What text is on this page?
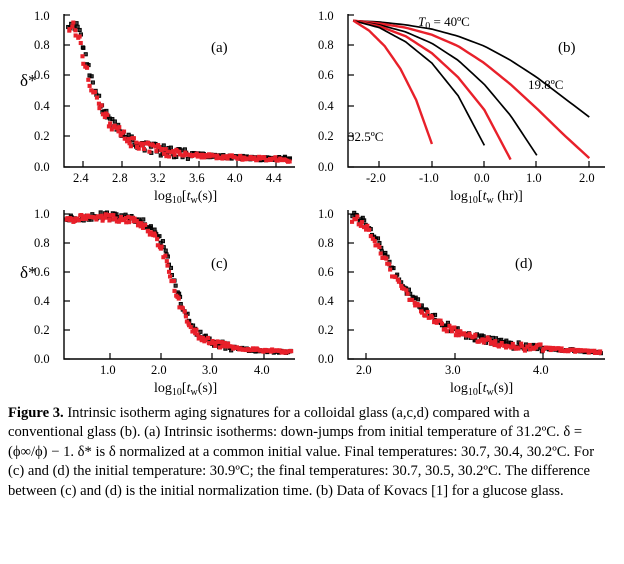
δ*
0.0
0.2
0.4
0.6
0.8
1.0
2.4 2.8 3.2 3.6 4.0 4.4
(a)
$\log_{10}[t_w(s)]$
0.0
0.2
0.4
0.6
0.8
1.0
-2.0	-1.0	0.0	1.0	2.0
(b)
$T_0$ = 40ºC
19.8ºC
32.5ºC
$\log_{10}[t_w$ (hr)]
δ*
0.0
0.2
0.4
0.6
0.8
1.0
1.0	2.0	3.0	4.0
(c)
$\log_{10}[t_w(s)]$
0.0
0.2
0.4
0.6
0.8
1.0
2.0	3.0	4.0
(d)
$\log_{10}[t_w(s)]$
Figure 3. Intrinsic isotherm aging signatures for a colloidal glass (a,c,d) compared with a conventional glass (b). (a) Intrinsic isotherms: down-jumps from initial temperature of 31.2ºC. δ = (ϕ∞/ϕ) − 1. δ* is δ normalized at a common initial value. Final temperatures: 30.7, 30.4, 30.2ºC. For (c) and (d) the initial temperature: 30.9ºC; the final temperatures: 30.7, 30.5, 30.2ºC. The difference between (c) and (d) is the initial normalization time. (b) Data of Kovacs [1] for a glucose glass.
